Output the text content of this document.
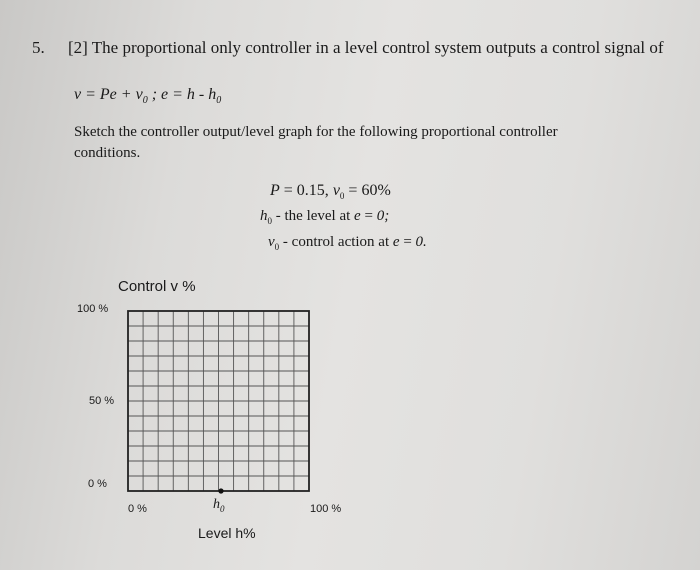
5. [2] The proportional only controller in a level control system outputs a control signal of
$v = Pe + v_0$ ; $e = h - h_0$
Sketch the controller output/level graph for the following proportional controller
conditions.
P = 0.15, $v_0 = 60\%$
$h_0$ - the level at e = 0;
$v_0$ - control action at e = 0.
Control v %
100 %
50 %
0 %
0 %	$h_0$	100 %
Level h%
